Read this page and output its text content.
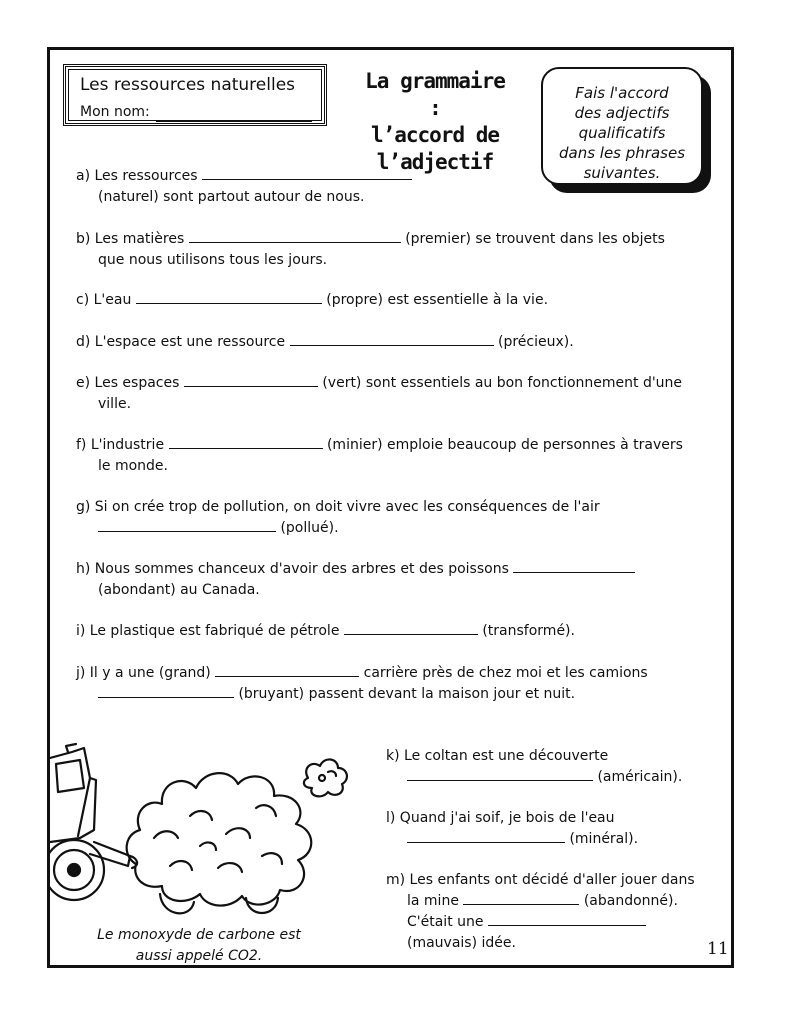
Les ressources naturelles
Mon nom:
La grammaire :
l’accord de
l’adjectif
Fais l'accord
des adjectifs
qualificatifs
dans les phrases
suivantes.
a) Les ressources
(naturel) sont partout autour de nous.
b) Les matières	(premier) se trouvent dans les objets
que nous utilisons tous les jours.
c) L'eau	(propre) est essentielle à la vie.
d) L'espace est une ressource	(précieux).
e) Les espaces	(vert) sont essentiels au bon fonctionnement d'une
ville.
f) L'industrie	(minier) emploie beaucoup de personnes à travers
le monde.
g) Si on crée trop de pollution, on doit vivre avec les conséquences de l'air
(pollué).
h) Nous sommes chanceux d'avoir des arbres et des poissons
(abondant) au Canada.
i) Le plastique est fabriqué de pétrole	(transformé).
j) Il y a une (grand)	carrière près de chez moi et les camions
(bruyant) passent devant la maison jour et nuit.
k) Le coltan est une découverte
(américain).
l) Quand j'ai soif, je bois de l'eau
(minéral).
m) Les enfants ont décidé d'aller jouer dans
la mine	(abandonné).
C'était une
(mauvais) idée.
Le monoxyde de carbone est
aussi appelé CO2.	11
